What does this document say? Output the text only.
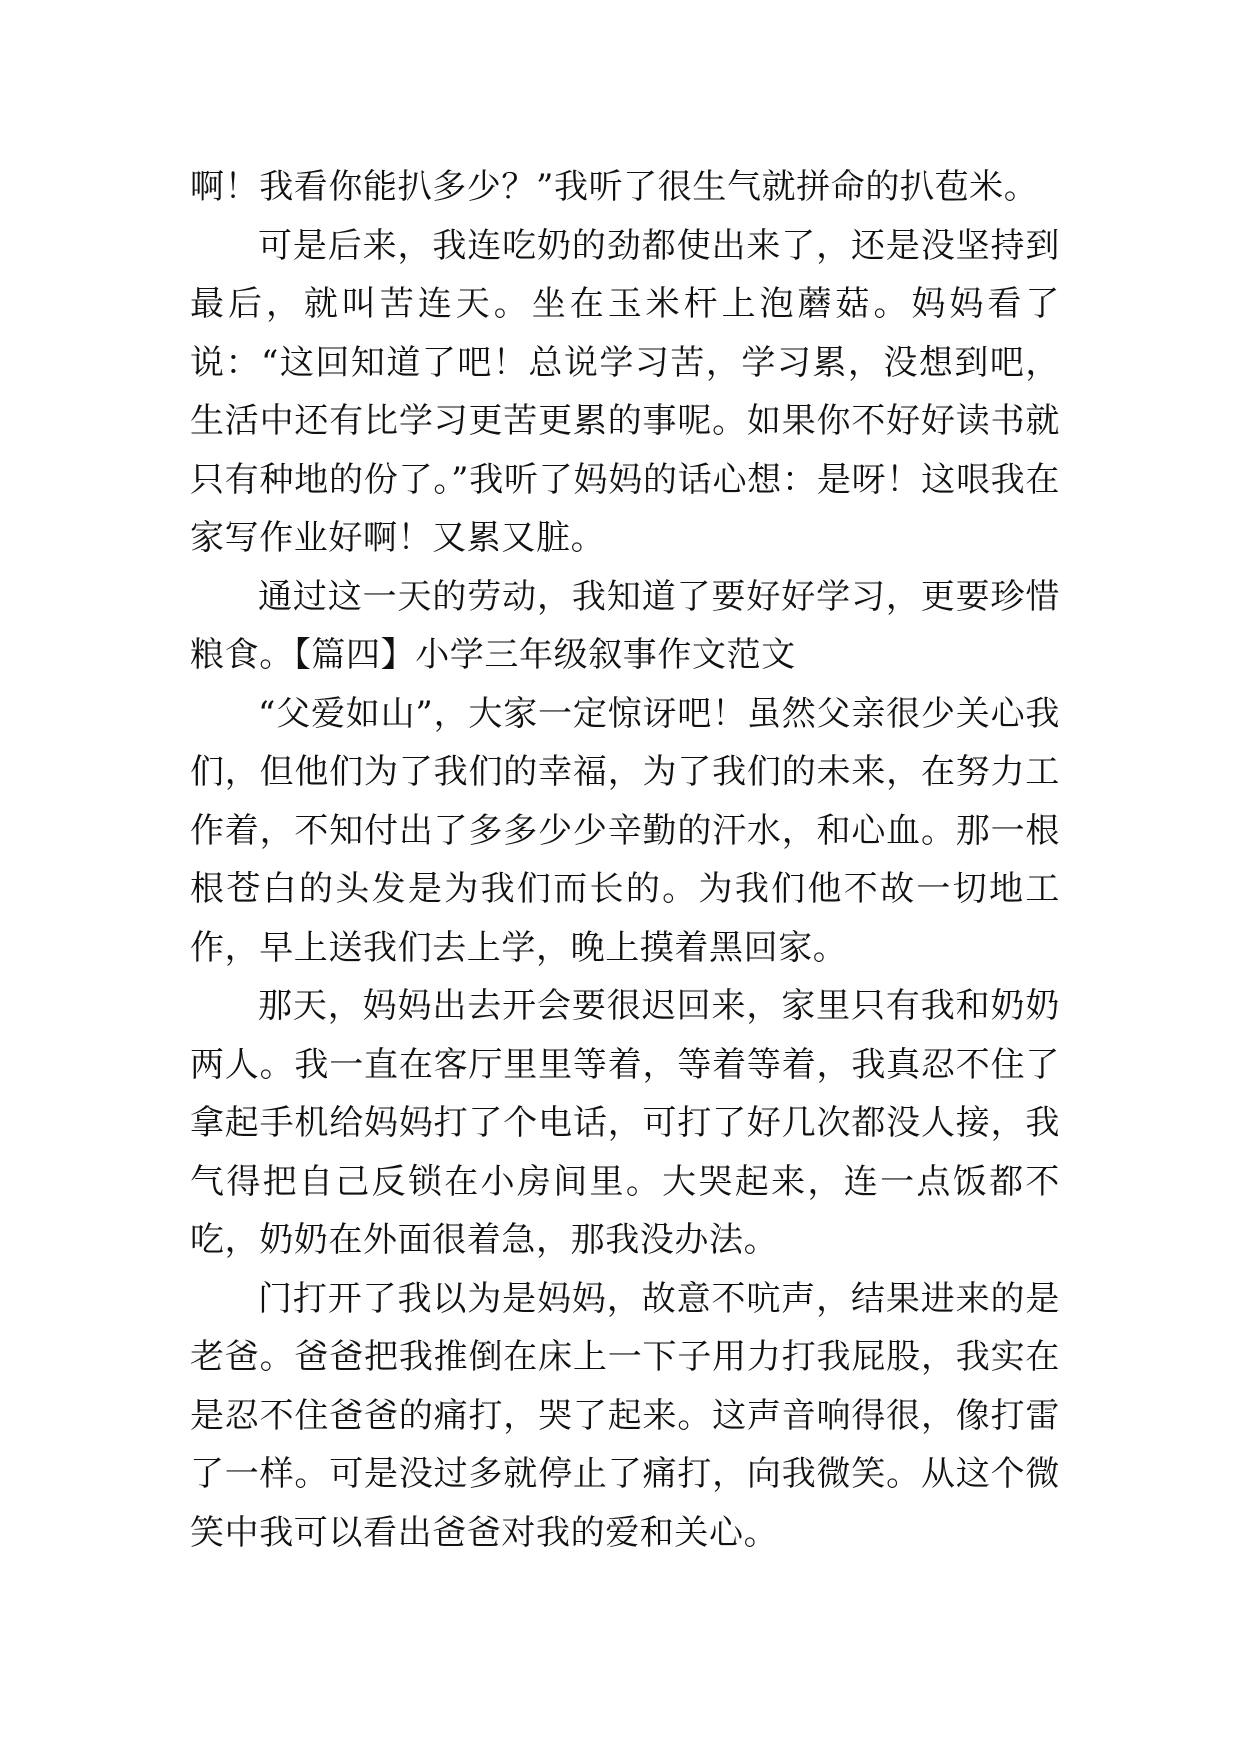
啊！我看你能扒多少？”我听了很生气就拼命的扒苞米。

可是后来，我连吃奶的劲都使出来了，还是没坚持到最后，就叫苦连天。坐在玉米杆上泡蘑菇。妈妈看了说：“这回知道了吧！总说学习苦，学习累，没想到吧，生活中还有比学习更苦更累的事呢。如果你不好好读书就只有种地的份了。”我听了妈妈的话心想：是呀！这哏我在家写作业好啊！又累又脏。

通过这一天的劳动，我知道了要好好学习，更要珍惜粮食。【篇四】小学三年级叙事作文范文

“父爱如山”，大家一定惊讶吧！虽然父亲很少关心我们，但他们为了我们的幸福，为了我们的未来，在努力工作着，不知付出了多多少少辛勤的汗水，和心血。那一根根苍白的头发是为我们而长的。为我们他不故一切地工作，早上送我们去上学，晚上摸着黑回家。

那天，妈妈出去开会要很迟回来，家里只有我和奶奶两人。我一直在客厅里里等着，等着等着，我真忍不住了拿起手机给妈妈打了个电话，可打了好几次都没人接，我气得把自己反锁在小房间里。大哭起来，连一点饭都不吃，奶奶在外面很着急，那我没办法。

门打开了我以为是妈妈，故意不吭声，结果进来的是老爸。爸爸把我推倒在床上一下子用力打我屁股，我实在是忍不住爸爸的痛打，哭了起来。这声音响得很，像打雷了一样。可是没过多就停止了痛打，向我微笑。从这个微笑中我可以看出爸爸对我的爱和关心。
